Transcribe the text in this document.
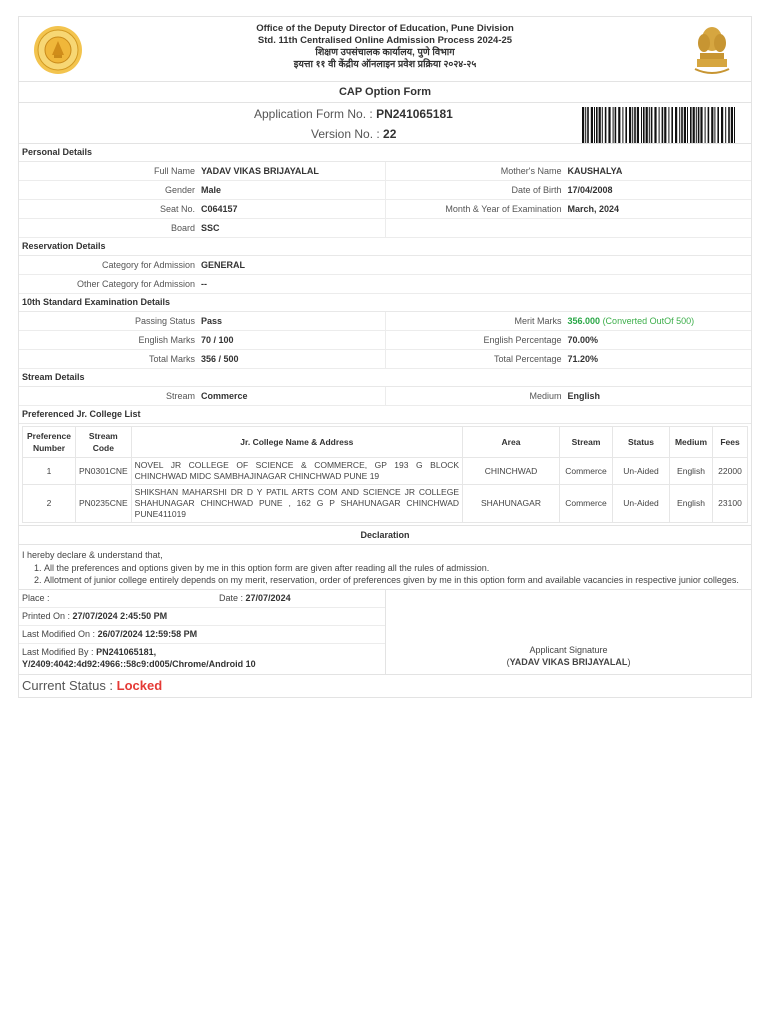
Office of the Deputy Director of Education, Pune Division
Std. 11th Centralised Online Admission Process 2024-25
शिक्षण उपसंचालक कार्यालय, पुणे विभाग
इयत्ता ११ वी केंद्रीय ऑनलाइन प्रवेश प्रक्रिया २०२४-२५
CAP Option Form
Application Form No. : PN241065181
Version No. : 22
Personal Details
Full Name YADAV VIKAS BRIJAYALAL	Mother's Name KAUSHALYA
Gender Male	Date of Birth 17/04/2008
Seat No. C064157	Month & Year of Examination March, 2024
Board SSC
Reservation Details
Category for Admission GENERAL
Other Category for Admission --
10th Standard Examination Details
Passing Status Pass	Merit Marks 356.000 (Converted OutOf 500)
English Marks 70 / 100	English Percentage 70.00%
Total Marks 356 / 500	Total Percentage 71.20%
Stream Details
Stream Commerce	Medium English
Preferenced Jr. College List
Preference Number	Stream Code	Jr. College Name & Address	Area	Stream	Status	Medium	Fees
1	PN0301CNE	NOVEL JR COLLEGE OF SCIENCE & COMMERCE, GP 193 G BLOCK CHINCHWAD MIDC SAMBHAJINAGAR CHINCHWAD PUNE 19	CHINCHWAD	Commerce	Un-Aided	English	22000
2	PN0235CNE	SHIKSHAN MAHARSHI DR D Y PATIL ARTS COM AND SCIENCE JR COLLEGE SHAHUNAGAR CHINCHWAD PUNE , 162 G P SHAHUNAGAR CHINCHWAD PUNE411019	SHAHUNAGAR	Commerce	Un-Aided	English	23100
Declaration
I hereby declare & understand that,
1. All the preferences and options given by me in this option form are given after reading all the rules of admission.
2. Allotment of junior college entirely depends on my merit, reservation, order of preferences given by me in this option form and available vacancies in respective junior colleges.
Place :	Date : 27/07/2024
Printed On : 27/07/2024 2:45:50 PM
Last Modified On : 26/07/2024 12:59:58 PM
Last Modified By : PN241065181,
Y/2409:4042:4d92:4966::58c9:d005/Chrome/Android 10
Applicant Signature
(YADAV VIKAS BRIJAYALAL)
Current Status : Locked
